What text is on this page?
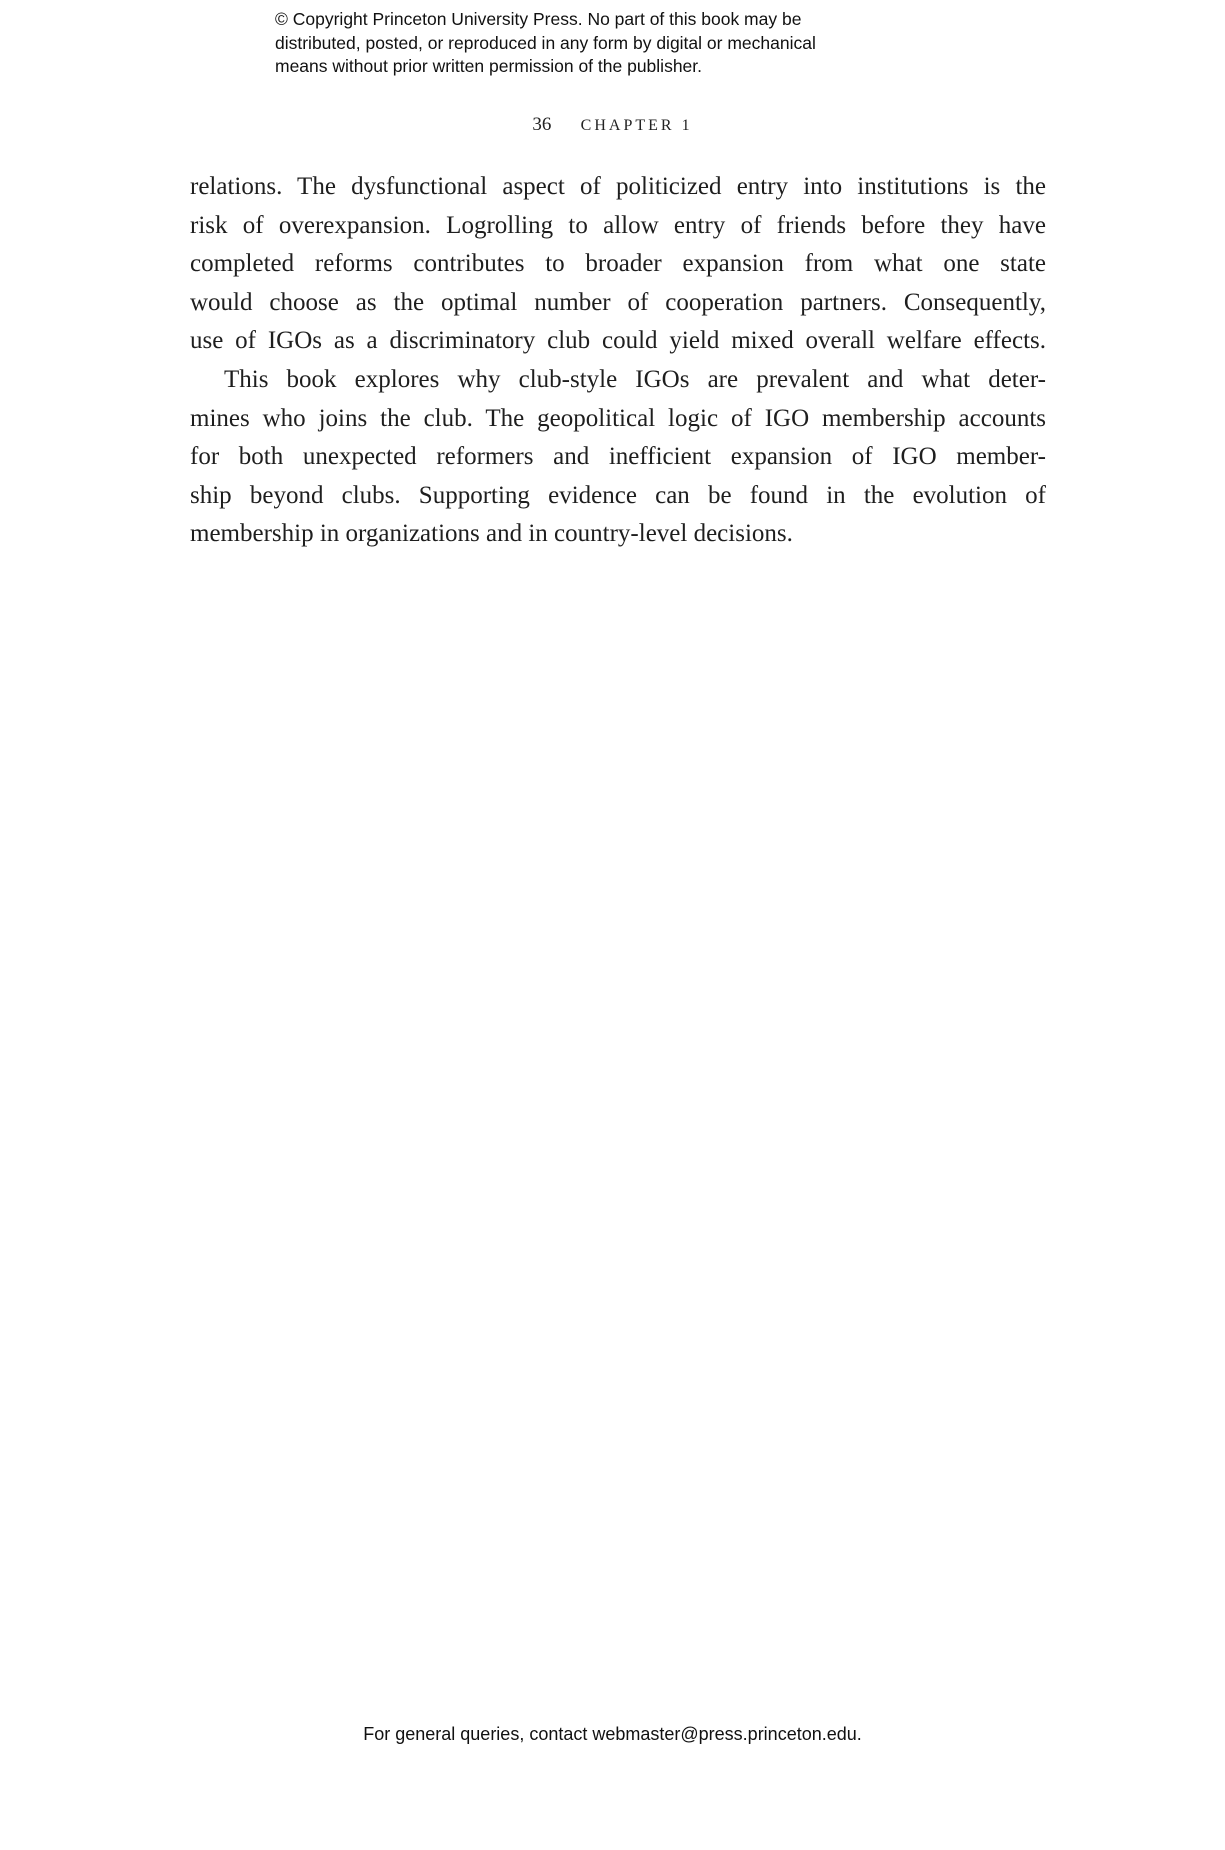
© Copyright Princeton University Press. No part of this book may be
distributed, posted, or reproduced in any form by digital or mechanical
means without prior written permission of the publisher.
36 CHAPTER 1

relations. The dysfunctional aspect of politicized entry into institutions is the
risk of overexpansion. Logrolling to allow entry of friends before they have
completed reforms contributes to broader expansion from what one state
would choose as the optimal number of cooperation partners. Consequently,
use of IGOs as a discriminatory club could yield mixed overall welfare effects.

This book explores why club-style IGOs are prevalent and what deter-
mines who joins the club. The geopolitical logic of IGO membership accounts
for both unexpected reformers and inefficient expansion of IGO member-
ship beyond clubs. Supporting evidence can be found in the evolution of
membership in organizations and in country-level decisions.

For general queries, contact webmaster@press.princeton.edu.
